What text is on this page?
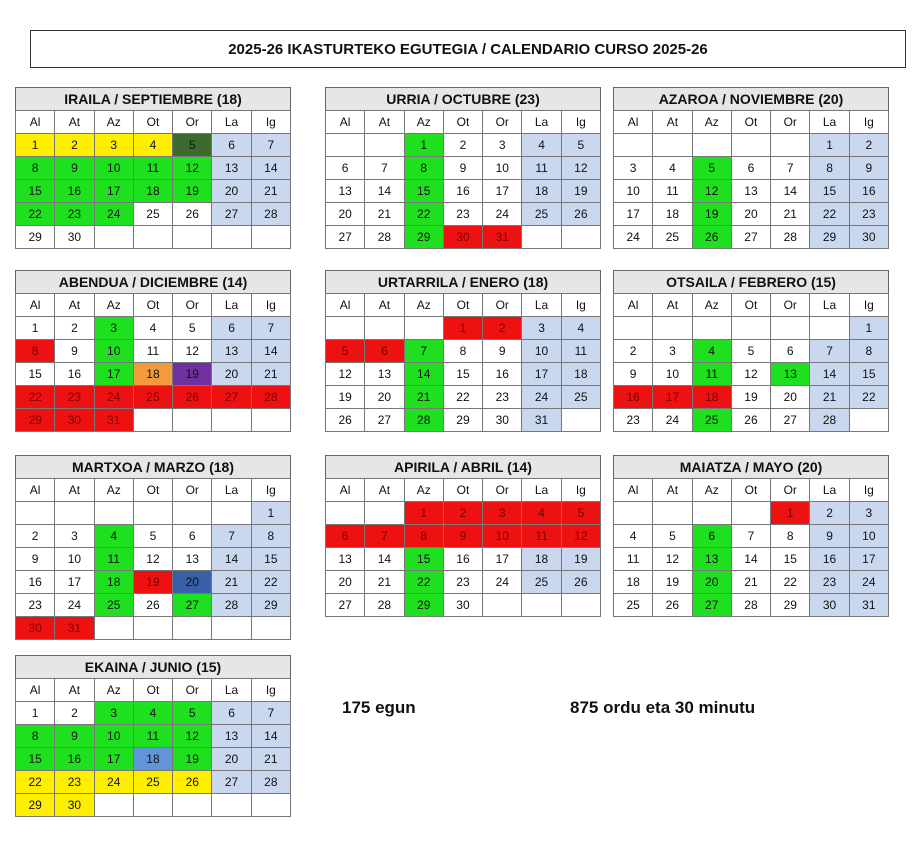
2025-26 IKASTURTEKO EGUTEGIA / CALENDARIO CURSO 2025-26
IRAILA / SEPTIEMBRE (18)
Al	At	Az	Ot	Or	La	Ig
1	2	3	4	5	6	7
8	9	10	11	12	13	14
15	16	17	18	19	20	21
22	23	24	25	26	27	28
29	30					
URRIA / OCTUBRE (23)
Al	At	Az	Ot	Or	La	Ig
		1	2	3	4	5
6	7	8	9	10	11	12
13	14	15	16	17	18	19
20	21	22	23	24	25	26
27	28	29	30	31		
AZAROA / NOVIEMBRE (20)
Al	At	Az	Ot	Or	La	Ig
					1	2
3	4	5	6	7	8	9
10	11	12	13	14	15	16
17	18	19	20	21	22	23
24	25	26	27	28	29	30
ABENDUA / DICIEMBRE (14)
Al	At	Az	Ot	Or	La	Ig
1	2	3	4	5	6	7
8	9	10	11	12	13	14
15	16	17	18	19	20	21
22	23	24	25	26	27	28
29	30	31				
URTARRILA / ENERO (18)
Al	At	Az	Ot	Or	La	Ig
			1	2	3	4
5	6	7	8	9	10	11
12	13	14	15	16	17	18
19	20	21	22	23	24	25
26	27	28	29	30	31	
OTSAILA / FEBRERO (15)
Al	At	Az	Ot	Or	La	Ig
						1
2	3	4	5	6	7	8
9	10	11	12	13	14	15
16	17	18	19	20	21	22
23	24	25	26	27	28	
MARTXOA / MARZO (18)
Al	At	Az	Ot	Or	La	Ig
						1
2	3	4	5	6	7	8
9	10	11	12	13	14	15
16	17	18	19	20	21	22
23	24	25	26	27	28	29
30	31					
APIRILA / ABRIL (14)
Al	At	Az	Ot	Or	La	Ig
		1	2	3	4	5
6	7	8	9	10	11	12
13	14	15	16	17	18	19
20	21	22	23	24	25	26
27	28	29	30			
MAIATZA / MAYO (20)
Al	At	Az	Ot	Or	La	Ig
				1	2	3
4	5	6	7	8	9	10
11	12	13	14	15	16	17
18	19	20	21	22	23	24
25	26	27	28	29	30	31
EKAINA / JUNIO (15)
Al	At	Az	Ot	Or	La	Ig
1	2	3	4	5	6	7
8	9	10	11	12	13	14
15	16	17	18	19	20	21
22	23	24	25	26	27	28
29	30					
175 egun	875 ordu eta 30 minutu
